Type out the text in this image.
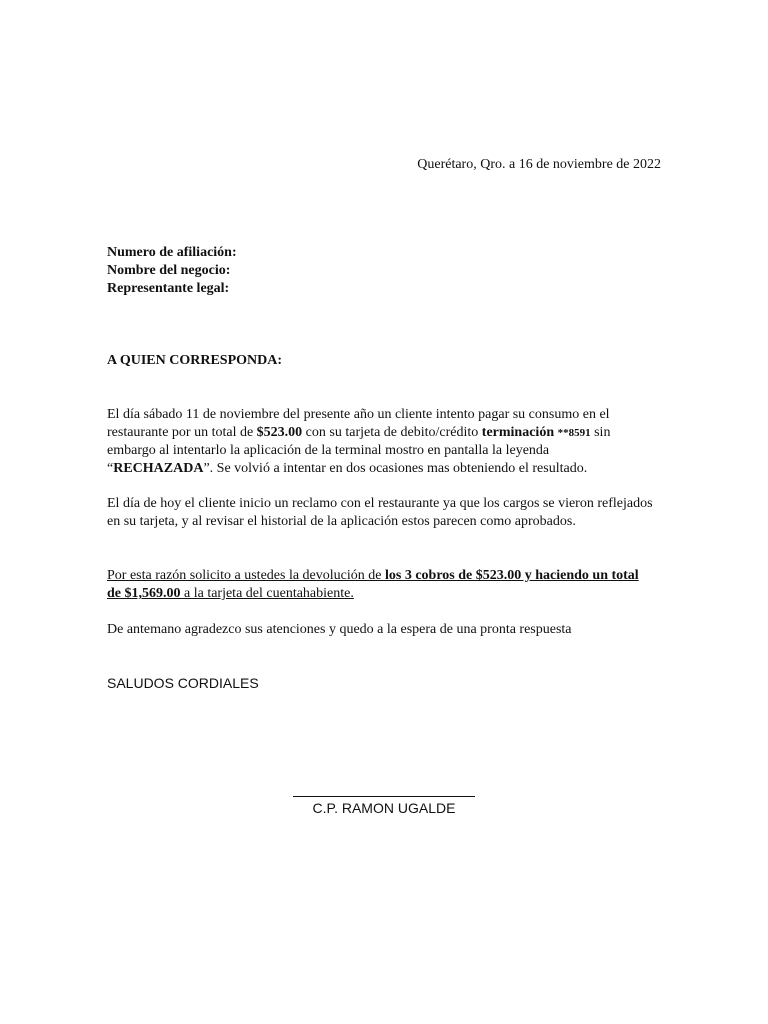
Querétaro, Qro. a 16 de noviembre de 2022
Numero de afiliación:
Nombre del negocio:
Representante legal:
A QUIEN CORRESPONDA:
El día sábado 11 de noviembre del presente año un cliente intento pagar su consumo en el restaurante por un total de $523.00 con su tarjeta de debito/crédito terminación **8591 sin embargo al intentarlo la aplicación de la terminal mostro en pantalla la leyenda “RECHAZADA”. Se volvió a intentar en dos ocasiones mas obteniendo el resultado.
El día de hoy el cliente inicio un reclamo con el restaurante ya que los cargos se vieron reflejados en su tarjeta, y al revisar el historial de la aplicación estos parecen como aprobados.
Por esta razón solicito a ustedes la devolución de los 3 cobros de $523.00 y haciendo un total de $1,569.00 a la tarjeta del cuentahabiente.
De antemano agradezco sus atenciones y quedo a la espera de una pronta respuesta
SALUDOS CORDIALES
C.P. RAMON UGALDE
